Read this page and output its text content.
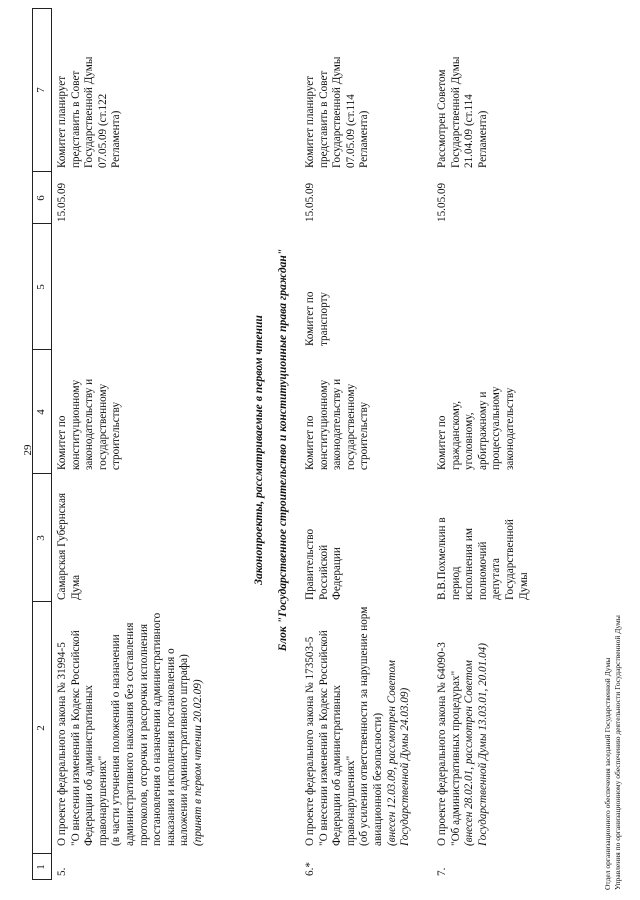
29
1
2
3
4
5
6
7
5.
О проекте федерального закона № 31994-5
"О внесении изменений в Кодекс Российской Федерации об административных правонарушениях"
(в части уточнения положений о назначении административного наказания без составления протоколов, отсрочки и рассрочки исполнения постановления о назначении административного наказания и исполнения постановления о наложении административного штрафа)
(принят в первом чтении 20.02.09)
Самарская Губернская Дума
Комитет по конституционному законодательству и государственному строительству
15.05.09
Комитет планирует представить в Совет Государственной Думы 07.05.09 (ст.122 Регламента)
Законопроекты, рассматриваемые в первом чтении Блок "Государственное строительство и конституционные права граждан"
6.*
О проекте федерального закона № 173503-5
"О внесении изменений в Кодекс Российской Федерации об административных правонарушениях"
(об усилении ответственности за нарушение норм авиационной безопасности) (внесен 12.03.09, рассмотрен Советом Государственной Думы 24.03.09)
Правительство Российской Федерации
Комитет по конституционному законодательству и государственному строительству
Комитет по транспорту
15.05.09
Комитет планирует представить в Совет Государственной Думы 07.05.09 (ст.114 Регламента)
7.
О проекте федерального закона № 64090-3
"Об административных процедурах" (внесен 28.02.01, рассмотрен Советом Государственной Думы 13.03.01, 20.01.04)
В.В.Похмелкин в период исполнения им полномочий депутата Государственной Думы
Комитет по гражданскому, уголовному, арбитражному и процессуальному законодательству
15.05.09
Рассмотрен Советом Государственной Думы 21.04.09 (ст.114 Регламента)
Отдел организационного обеспечения заседаний Государственной Думы Управления по организационному обеспечению деятельности Государственной Думы
